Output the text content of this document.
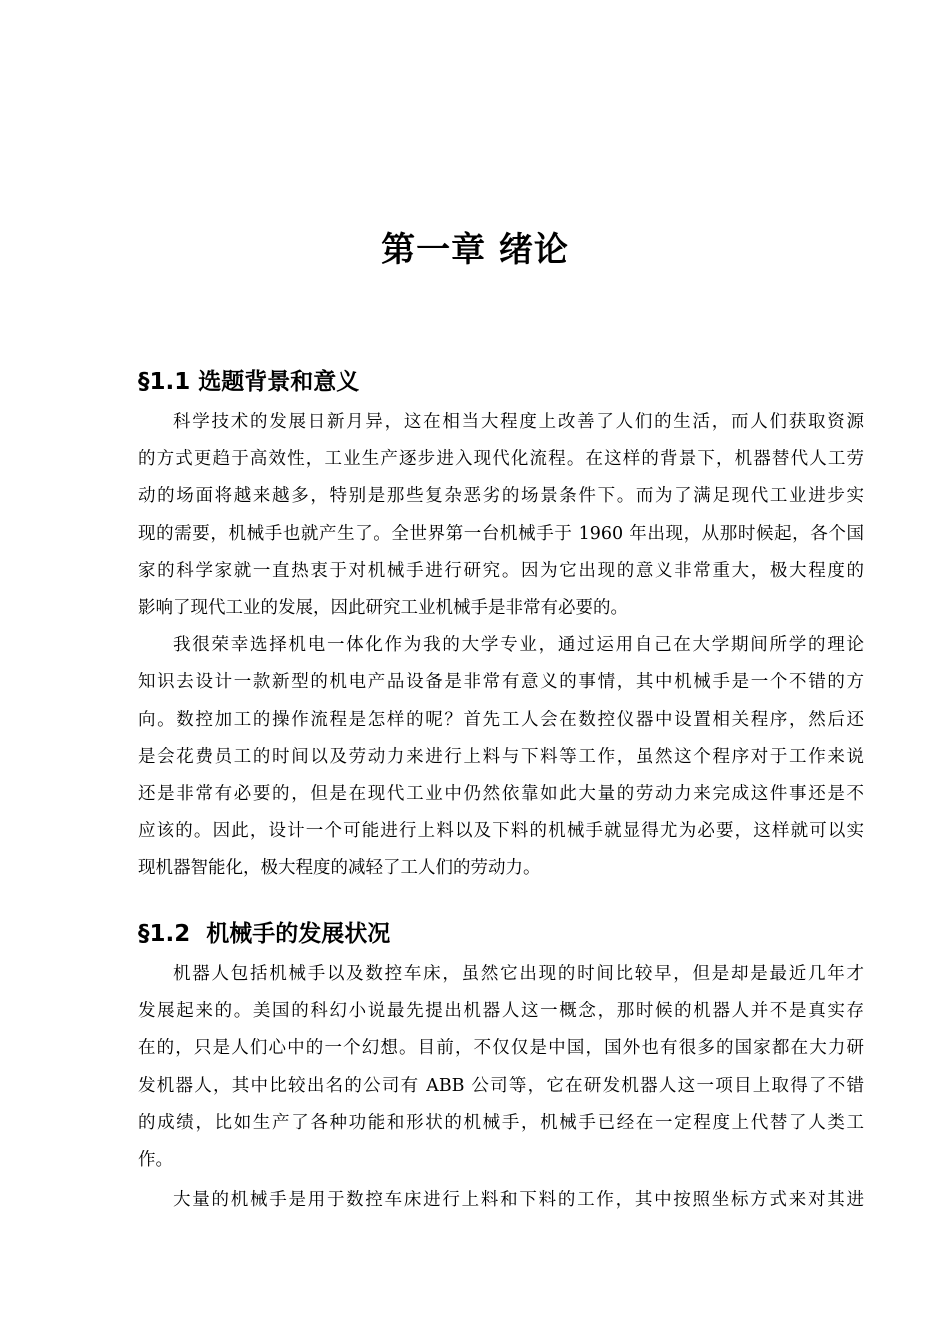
第一章 绪论
§1.1 选题背景和意义
科学技术的发展日新月异，这在相当大程度上改善了人们的生活，而人们获取资源
的方式更趋于高效性，工业生产逐步进入现代化流程。在这样的背景下，机器替代人工劳
动的场面将越来越多，特别是那些复杂恶劣的场景条件下。而为了满足现代工业进步实
现的需要，机械手也就产生了。全世界第一台机械手于 1960 年出现，从那时候起，各个国
家的科学家就一直热衷于对机械手进行研究。因为它出现的意义非常重大，极大程度的
影响了现代工业的发展，因此研究工业机械手是非常有必要的。
我很荣幸选择机电一体化作为我的大学专业，通过运用自己在大学期间所学的理论
知识去设计一款新型的机电产品设备是非常有意义的事情，其中机械手是一个不错的方
向。数控加工的操作流程是怎样的呢？首先工人会在数控仪器中设置相关程序，然后还
是会花费员工的时间以及劳动力来进行上料与下料等工作，虽然这个程序对于工作来说
还是非常有必要的，但是在现代工业中仍然依靠如此大量的劳动力来完成这件事还是不
应该的。因此，设计一个可能进行上料以及下料的机械手就显得尤为必要，这样就可以实
现机器智能化，极大程度的减轻了工人们的劳动力。
§1.2  机械手的发展状况
机器人包括机械手以及数控车床，虽然它出现的时间比较早，但是却是最近几年才
发展起来的。美国的科幻小说最先提出机器人这一概念，那时候的机器人并不是真实存
在的，只是人们心中的一个幻想。目前，不仅仅是中国，国外也有很多的国家都在大力研
发机器人，其中比较出名的公司有 ABB 公司等，它在研发机器人这一项目上取得了不错
的成绩，比如生产了各种功能和形状的机械手，机械手已经在一定程度上代替了人类工
作。
大量的机械手是用于数控车床进行上料和下料的工作，其中按照坐标方式来对其进
